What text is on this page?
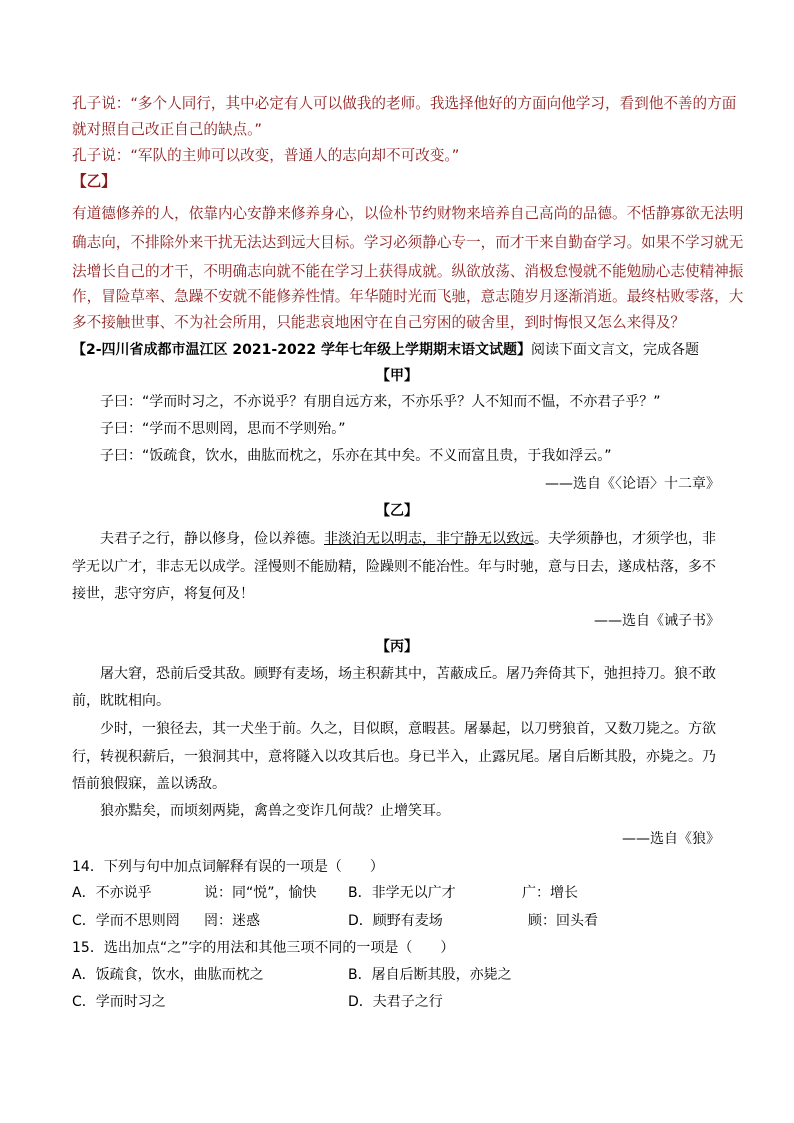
孔子说：“多个人同行，其中必定有人可以做我的老师。我选择他好的方面向他学习，看到他不善的方面
就对照自己改正自己的缺点。”
孔子说：“军队的主帅可以改变，普通人的志向却不可改变。”
【乙】
有道德修养的人，依靠内心安静来修养身心，以俭朴节约财物来培养自己高尚的品德。不恬静寡欲无法明
确志向，不排除外来干扰无法达到远大目标。学习必须静心专一，而才干来自勤奋学习。如果不学习就无
法增长自己的才干，不明确志向就不能在学习上获得成就。纵欲放荡、消极怠慢就不能勉励心志使精神振
作，冒险草率、急躁不安就不能修养性情。年华随时光而飞驰，意志随岁月逐渐消逝。最终枯败零落，大
多不接触世事、不为社会所用，只能悲哀地困守在自己穷困的破舍里，到时悔恨又怎么来得及？
【2-四川省成都市温江区 2021-2022 学年七年级上学期期末语文试题】阅读下面文言文，完成各题
【甲】
子曰：“学而时习之，不亦说乎？有朋自远方来，不亦乐乎？人不知而不愠，不亦君子乎？”
子曰：“学而不思则罔，思而不学则殆。”
子曰：“饭疏食，饮水，曲肱而枕之，乐亦在其中矣。不义而富且贵，于我如浮云。”
——选自《〈论语〉十二章》
【乙】
夫君子之行，静以修身，俭以养德。非淡泊无以明志，非宁静无以致远。夫学须静也，才须学也，非
学无以广才，非志无以成学。淫慢则不能励精，险躁则不能冶性。年与时驰，意与日去，遂成枯落，多不
接世，悲守穷庐，将复何及！
——选自《诫子书》
【丙】
屠大窘，恐前后受其敌。顾野有麦场，场主积薪其中，苫蔽成丘。屠乃奔倚其下，弛担持刀。狼不敢
前，眈眈相向。
少时，一狼径去，其一犬坐于前。久之，目似瞑，意暇甚。屠暴起，以刀劈狼首，又数刀毙之。方欲
行，转视积薪后，一狼洞其中，意将隧入以攻其后也。身已半入，止露尻尾。屠自后断其股，亦毙之。乃
悟前狼假寐，盖以诱敌。
狼亦黠矣，而顷刻两毙，禽兽之变诈几何哉？止增笑耳。
——选自《狼》
14．下列与句中加点词解释有误的一项是（　　）
A．不亦说乎	说：同“悦”，愉快 B．非学无以广才	广：增长
C．学而不思则罔 罔：迷惑	D．顾野有麦场	顾：回头看
15．选出加点“之”字的用法和其他三项不同的一项是（　　）
A．饭疏食，饮水，曲肱而枕之	B．屠自后断其股，亦毙之
C．学而时习之	D．夫君子之行
